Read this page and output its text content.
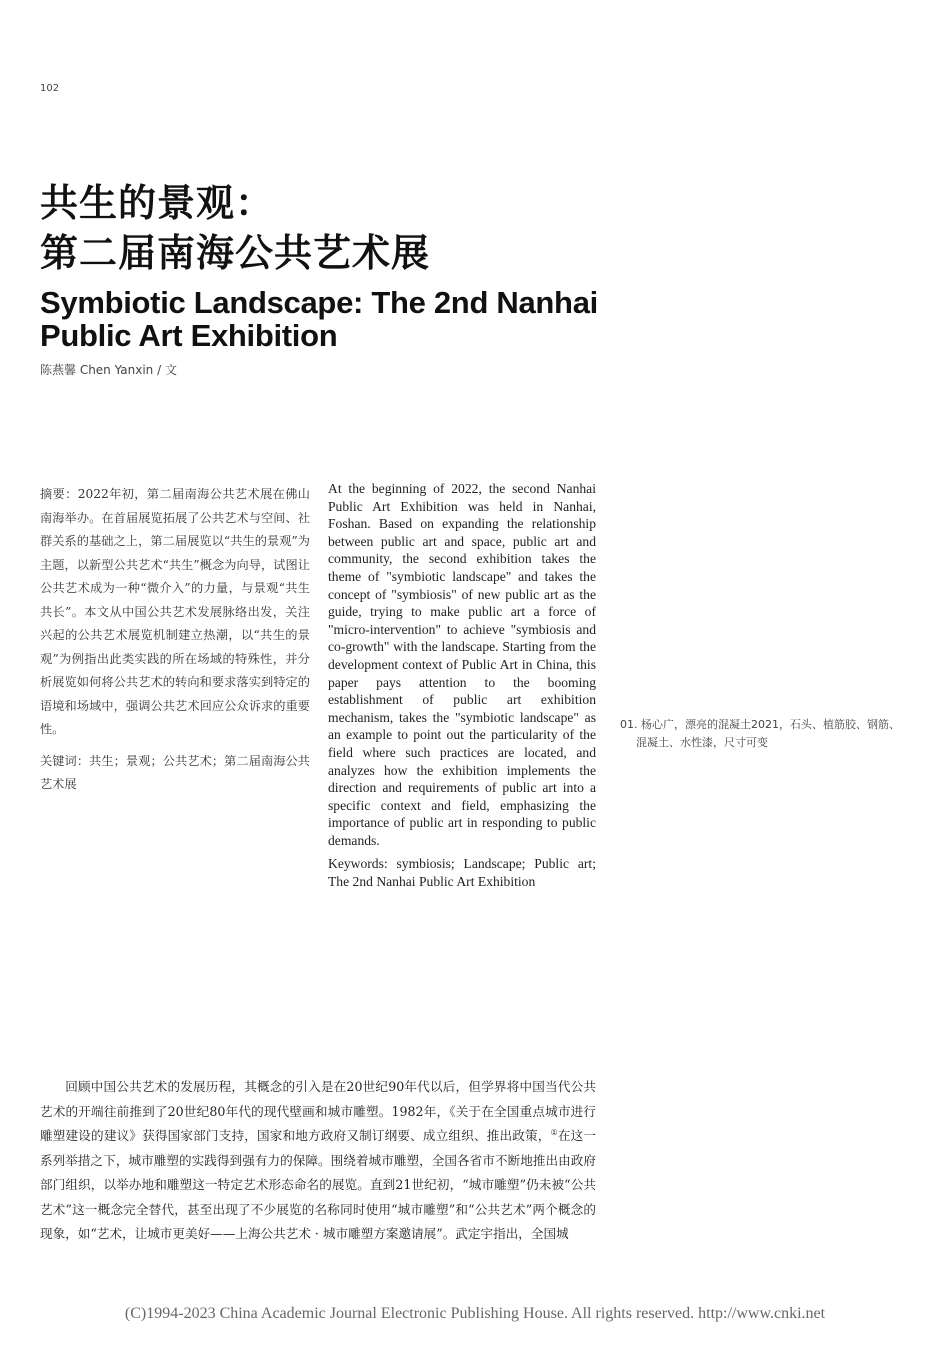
102
共生的景观：
第二届南海公共艺术展
Symbiotic Landscape: The 2nd Nanhai Public Art Exhibition
陈燕馨 Chen Yanxin / 文

摘要：2022年初，第二届南海公共艺术展在佛山南海举办。在首届展览拓展了公共艺术与空间、社群关系的基础之上，第二届展览以“共生的景观”为主题，以新型公共艺术“共生”概念为向导，试图让公共艺术成为一种“微介入”的力量，与景观“共生共长”。本文从中国公共艺术发展脉络出发，关注兴起的公共艺术展览机制建立热潮，以“共生的景观”为例指出此类实践的所在场域的特殊性，并分析展览如何将公共艺术的转向和要求落实到特定的语境和场域中，强调公共艺术回应公众诉求的重要性。

关键词：共生；景观；公共艺术；第二届南海公共艺术展

At the beginning of 2022, the second Nanhai Public Art Exhibition was held in Nanhai, Foshan. Based on expanding the relationship between public art and space, public art and community, the second exhibition takes the theme of "symbiotic landscape" and takes the concept of "symbiosis" of new public art as the guide, trying to make public art a force of "micro-intervention" to achieve "symbiosis and co-growth" with the landscape. Starting from the development context of Public Art in China, this paper pays attention to the booming establishment of public art exhibition mechanism, takes the "symbiotic landscape" as an example to point out the particularity of the field where such practices are located, and analyzes how the exhibition implements the direction and requirements of public art into a specific context and field, emphasizing the importance of public art in responding to public demands.

Keywords: symbiosis; Landscape; Public art; The 2nd Nanhai Public Art Exhibition

01. 杨心广，漂亮的混凝土2021，石头、植筋胶、钢筋、混凝土、水性漆，尺寸可变

回顾中国公共艺术的发展历程，其概念的引入是在20世纪90年代以后，但学界将中国当代公共艺术的开端往前推到了20世纪80年代的现代壁画和城市雕塑。1982年，《关于在全国重点城市进行雕塑建设的建议》获得国家部门支持，国家和地方政府又制订纲要、成立组织、推出政策，①在这一系列举措之下，城市雕塑的实践得到强有力的保障。围绕着城市雕塑，全国各省市不断地推出由政府部门组织，以举办地和雕塑这一特定艺术形态命名的展览。直到21世纪初，“城市雕塑”仍未被“公共艺术”这一概念完全替代，甚至出现了不少展览的名称同时使用“城市雕塑”和“公共艺术”两个概念的现象，如“艺术，让城市更美好——上海公共艺术 · 城市雕塑方案邀请展”。武定宇指出，全国城

(C)1994-2023 China Academic Journal Electronic Publishing House. All rights reserved. http://www.cnki.net
